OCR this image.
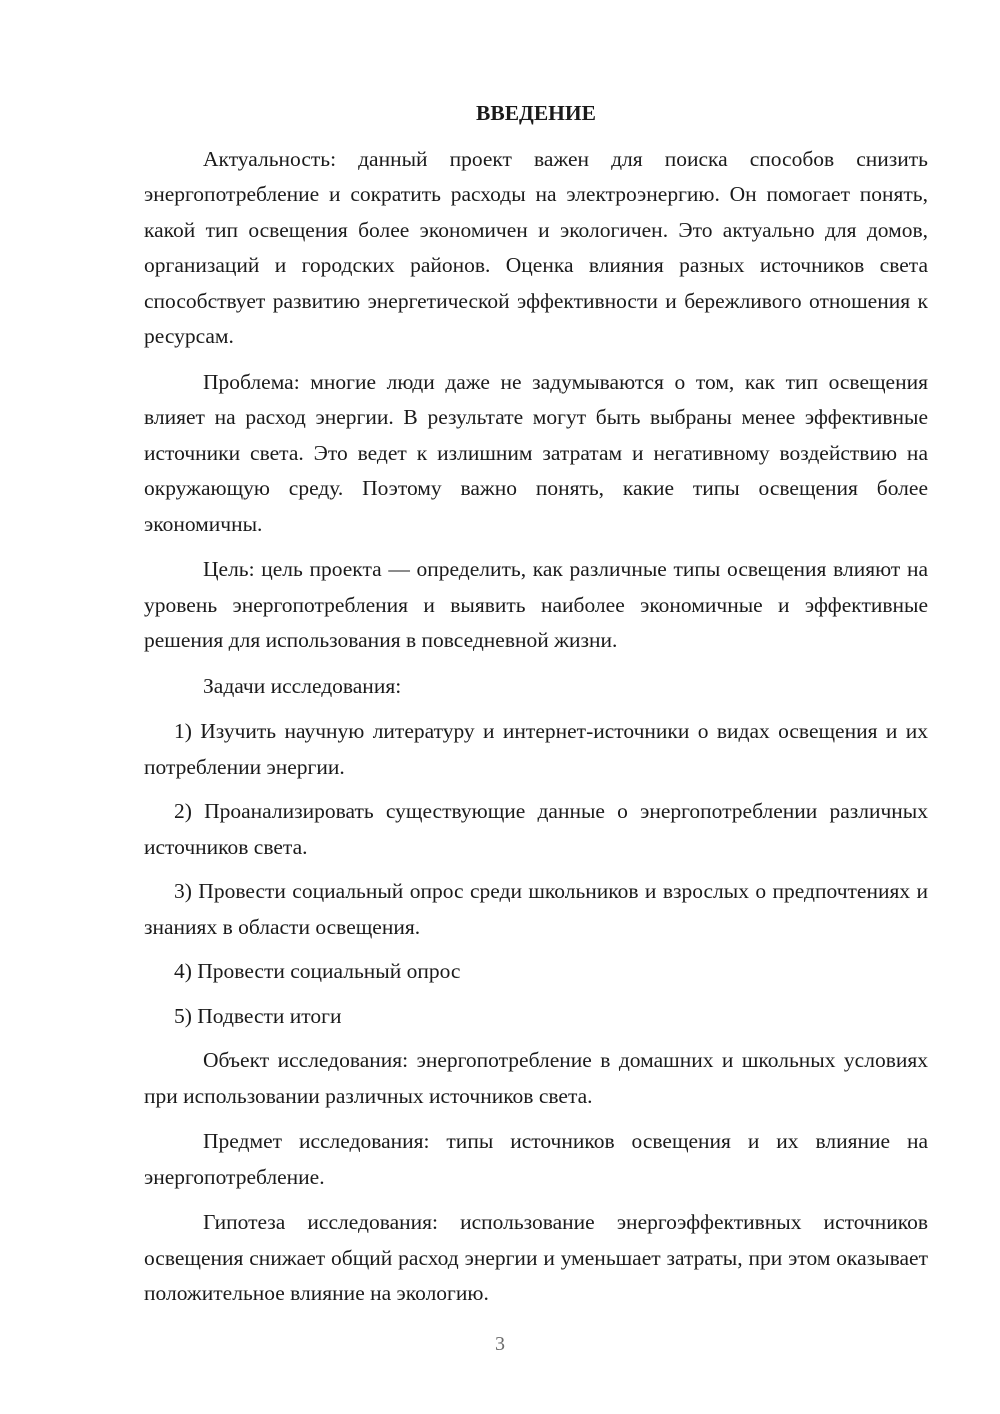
ВВЕДЕНИЕ

Актуальность: данный проект важен для поиска способов снизить энергопотребление и сократить расходы на электроэнергию. Он помогает понять, какой тип освещения более экономичен и экологичен. Это актуально для домов, организаций и городских районов. Оценка влияния разных источников света способствует развитию энергетической эффективности и бережливого отношения к ресурсам.

Проблема: многие люди даже не задумываются о том, как тип освещения влияет на расход энергии. В результате могут быть выбраны менее эффективные источники света. Это ведет к излишним затратам и негативному воздействию на окружающую среду. Поэтому важно понять, какие типы освещения более экономичны.

Цель: цель проекта — определить, как различные типы освещения влияют на уровень энергопотребления и выявить наиболее экономичные и эффективные решения для использования в повседневной жизни.

Задачи исследования:

1) Изучить научную литературу и интернет-источники о видах освещения и их потреблении энергии.

2) Проанализировать существующие данные о энергопотреблении различных источников света.

3) Провести социальный опрос среди школьников и взрослых о предпочтениях и знаниях в области освещения.

4) Провести социальный опрос

5) Подвести итоги

Объект исследования: энергопотребление в домашних и школьных условиях при использовании различных источников света.

Предмет исследования: типы источников освещения и их влияние на энергопотребление.

Гипотеза исследования: использование энергоэффективных источников освещения снижает общий расход энергии и уменьшает затраты, при этом оказывает положительное влияние на экологию.

3
